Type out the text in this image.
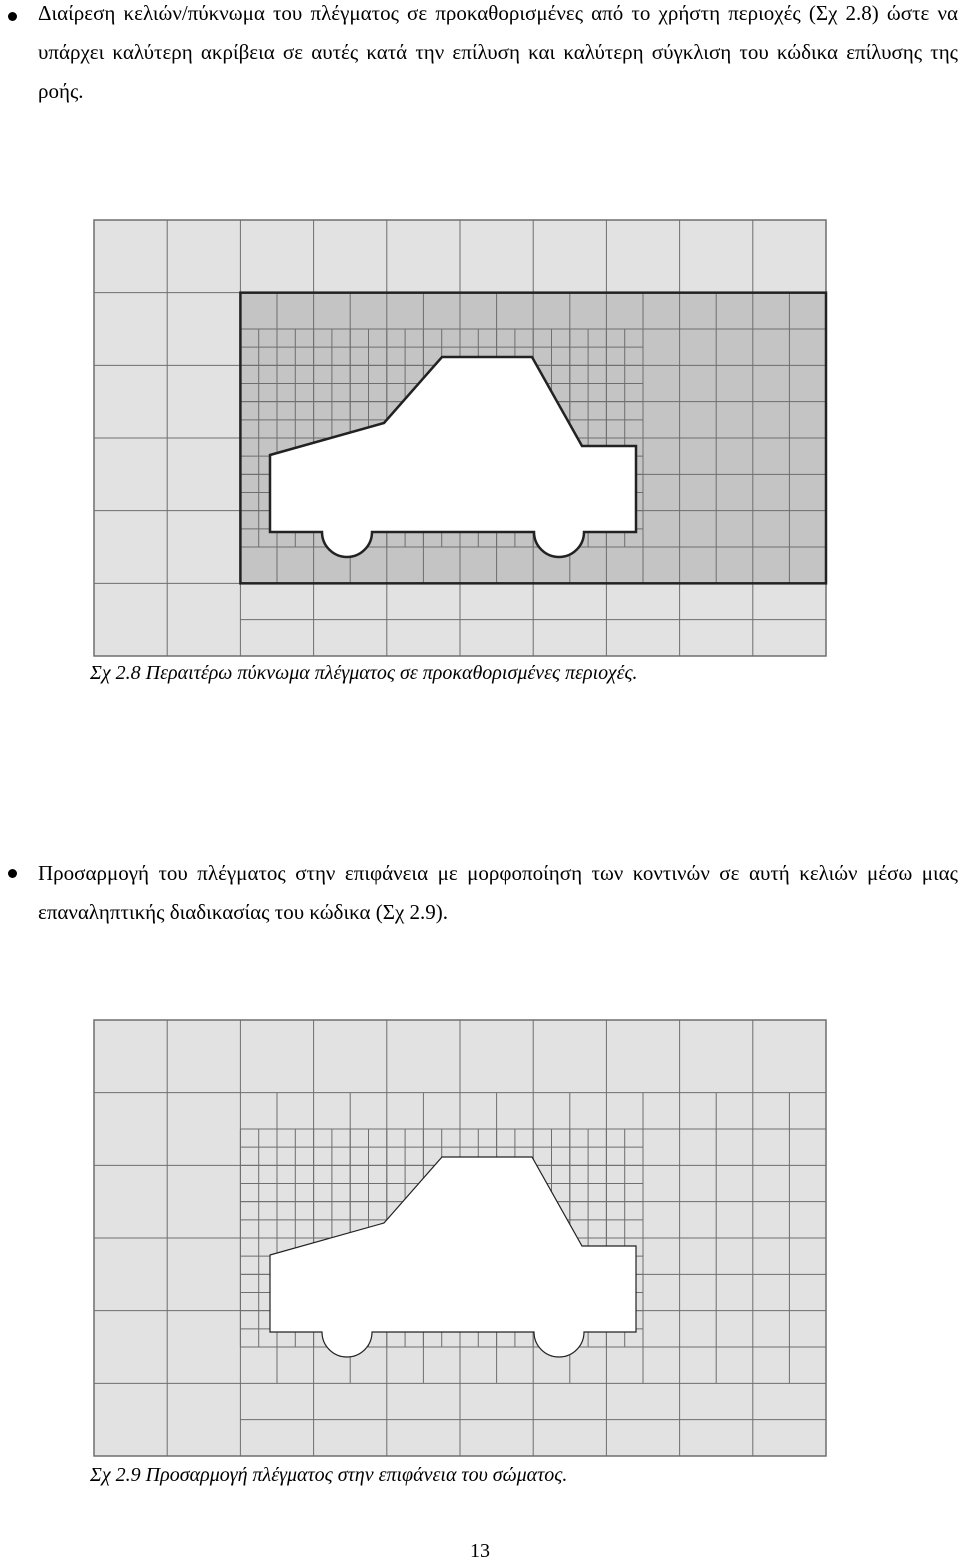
Διαίρεση κελιών/πύκνωμα του πλέγματος σε προκαθορισμένες από το χρήστη περιοχές (Σχ 2.8) ώστε να υπάρχει καλύτερη ακρίβεια σε αυτές κατά την επίλυση και καλύτερη σύγκλιση του κώδικα επίλυσης της ροής.

Σχ 2.8 Περαιτέρω πύκνωμα πλέγματος σε προκαθορισμένες περιοχές.

Προσαρμογή του πλέγματος στην επιφάνεια με μορφοποίηση των κοντινών σε αυτή κελιών μέσω μιας επαναληπτικής διαδικασίας του κώδικα (Σχ 2.9).

Σχ 2.9 Προσαρμογή πλέγματος στην επιφάνεια του σώματος.
13
